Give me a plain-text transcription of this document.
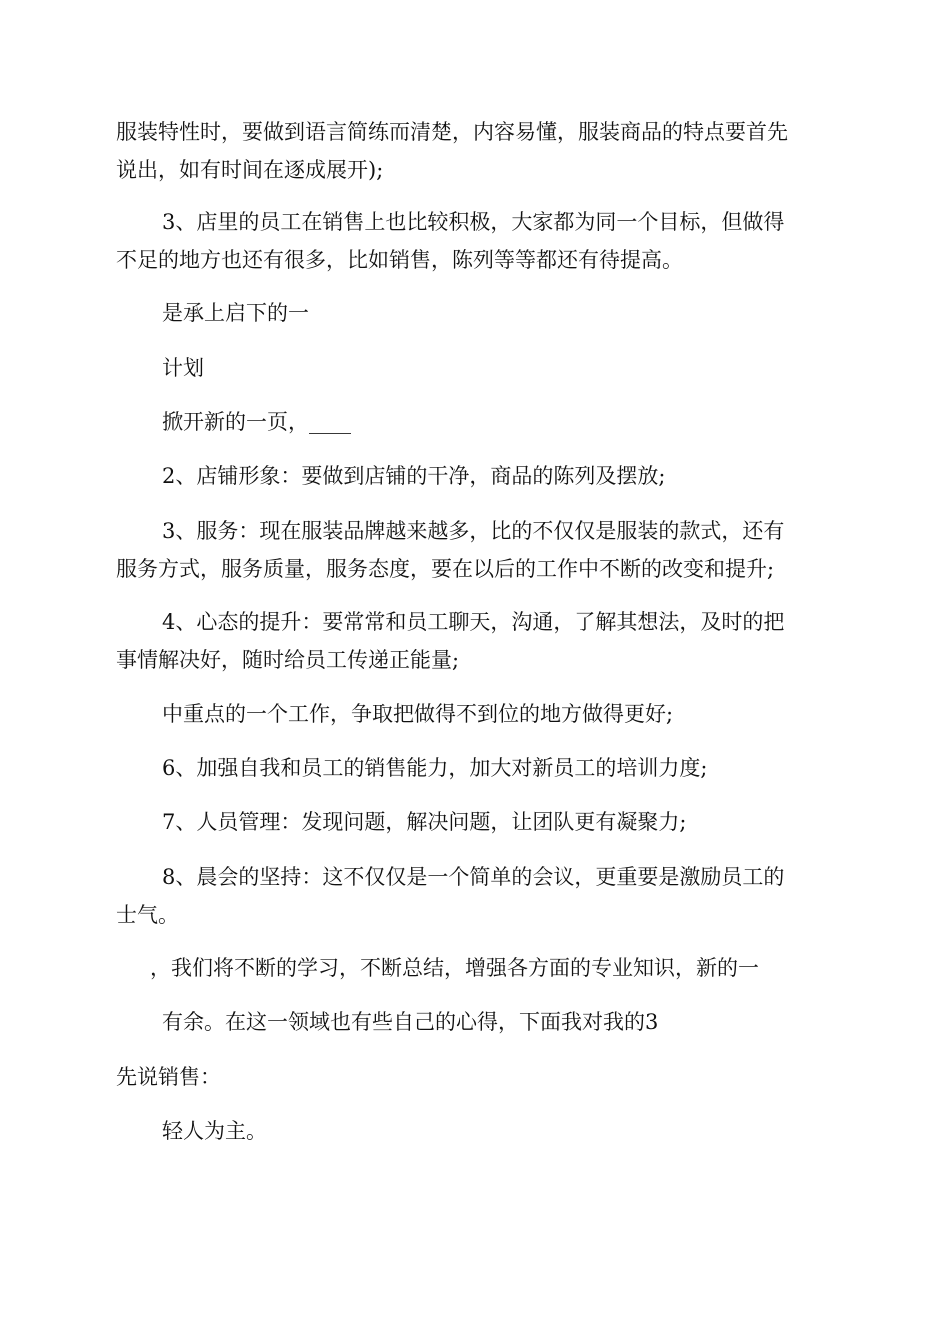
服装特性时，要做到语言简练而清楚，内容易懂，服装商品的特点要首先
说出，如有时间在逐成展开);

3、店里的员工在销售上也比较积极，大家都为同一个目标，但做得
不足的地方也还有很多，比如销售，陈列等等都还有待提高。

是承上启下的一

计划

掀开新的一页，____

2、店铺形象：要做到店铺的干净，商品的陈列及摆放;

3、服务：现在服装品牌越来越多，比的不仅仅是服装的款式，还有
服务方式，服务质量，服务态度，要在以后的工作中不断的改变和提升;

4、心态的提升：要常常和员工聊天，沟通，了解其想法，及时的把
事情解决好，随时给员工传递正能量;

中重点的一个工作，争取把做得不到位的地方做得更好;

6、加强自我和员工的销售能力，加大对新员工的培训力度;

7、人员管理：发现问题，解决问题，让团队更有凝聚力;

8、晨会的坚持：这不仅仅是一个简单的会议，更重要是激励员工的
士气。

，我们将不断的学习，不断总结，增强各方面的专业知识，新的一

有余。在这一领域也有些自己的心得，下面我对我的3

先说销售：

轻人为主。
